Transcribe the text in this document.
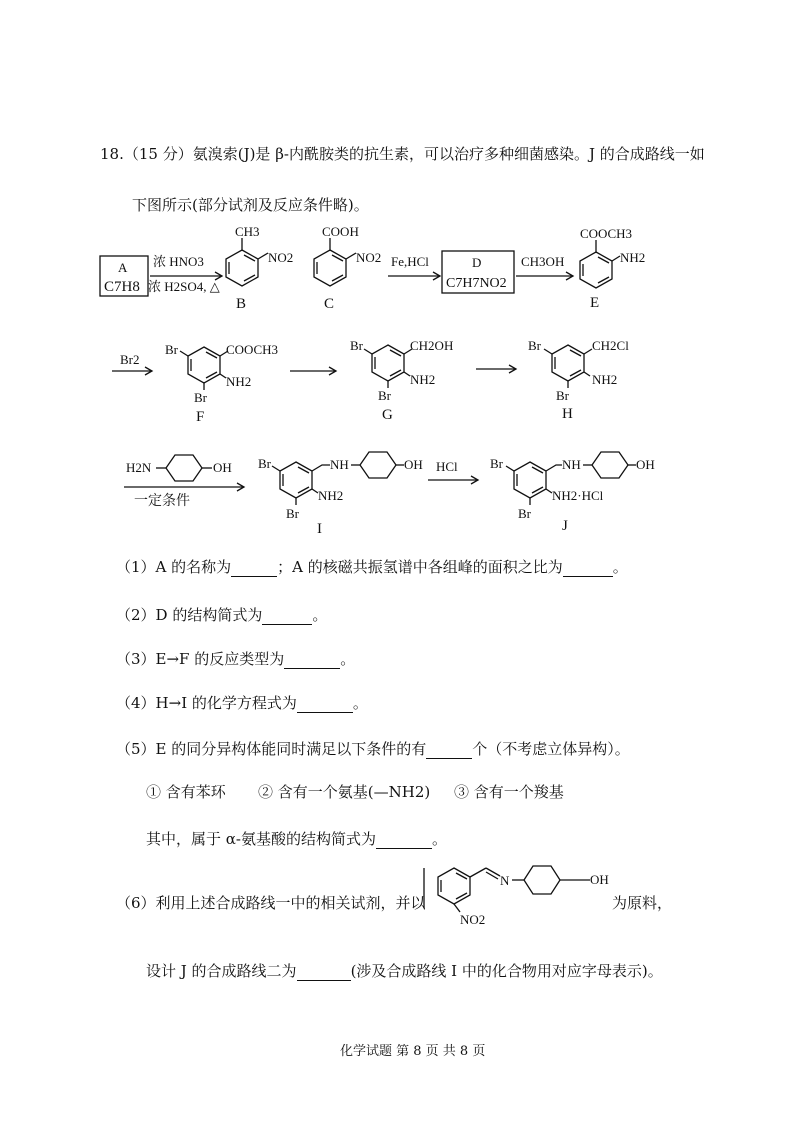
18.（15 分）氨溴索(J)是 β-内酰胺类的抗生素，可以治疗多种细菌感染。J 的合成路线一如
下图所示(部分试剂及反应条件略)。
A
C7H8
浓 HNO3
浓 H2SO4, △
CH3
NO2
B
COOH
NO2
C
Fe,HCl	D
C7H7NO2
CH3OH
COOCH3
NH2
E
Br2
COOCH3
NH2
Br
Br
F
CH2OH
NH2
Br
Br
G
CH2Cl
NH2
Br
Br
H
H2N	OH
一定条件
Br
Br
NH2
NH	OH
I
HCl Br
Br
NH2·HCl
NH	OH
J
（1）A 的名称为	；A 的核磁共振氢谱中各组峰的面积之比为	。
（2）D 的结构简式为	。
（3）E→F 的反应类型为	。
（4）H→I 的化学方程式为	。
（5）E 的同分异构体能同时满足以下条件的有	个（不考虑立体异构）。
① 含有苯环 ② 含有一个氨基(—NH2) ③ 含有一个羧基
其中，属于 α-氨基酸的结构简式为	。
（6）利用上述合成路线一中的相关试剂，并以
N	OH
NO2
为原料，
设计 J 的合成路线二为	(涉及合成路线 I 中的化合物用对应字母表示)。
化学试题 第 8 页 共 8 页
